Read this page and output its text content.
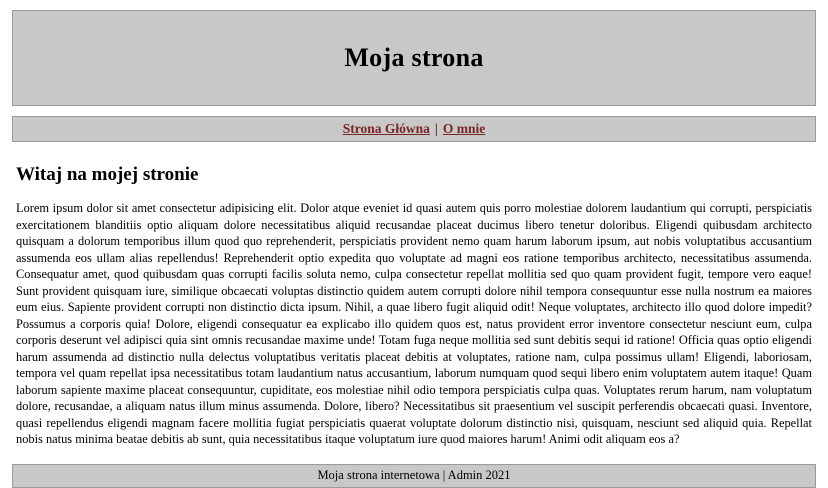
Moja strona
Strona Główna | O mnie
Witaj na mojej stronie

Lorem ipsum dolor sit amet consectetur adipisicing elit. Dolor atque eveniet id quasi autem quis porro molestiae dolorem laudantium qui corrupti, perspiciatis exercitationem blanditiis optio aliquam dolore necessitatibus aliquid recusandae placeat ducimus libero tenetur doloribus. Eligendi quibusdam architecto quisquam a dolorum temporibus illum quod quo reprehenderit, perspiciatis provident nemo quam harum laborum ipsum, aut nobis voluptatibus accusantium assumenda eos ullam alias repellendus! Reprehenderit optio expedita quo voluptate ad magni eos ratione temporibus architecto, necessitatibus assumenda. Consequatur amet, quod quibusdam quas corrupti facilis soluta nemo, culpa consectetur repellat mollitia sed quo quam provident fugit, tempore vero eaque! Sunt provident quisquam iure, similique obcaecati voluptas distinctio quidem autem corrupti dolore nihil tempora consequuntur esse nulla nostrum ea maiores eum eius. Sapiente provident corrupti non distinctio dicta ipsum. Nihil, a quae libero fugit aliquid odit! Neque voluptates, architecto illo quod dolore impedit? Possumus a corporis quia! Dolore, eligendi consequatur ea explicabo illo quidem quos est, natus provident error inventore consectetur nesciunt eum, culpa corporis deserunt vel adipisci quia sint omnis recusandae maxime unde! Totam fuga neque mollitia sed sunt debitis sequi id ratione! Officia quas optio eligendi harum assumenda ad distinctio nulla delectus voluptatibus veritatis placeat debitis at voluptates, ratione nam, culpa possimus ullam! Eligendi, laboriosam, tempora vel quam repellat ipsa necessitatibus totam laudantium natus accusantium, laborum numquam quod sequi libero enim voluptatem autem itaque! Quam laborum sapiente maxime placeat consequuntur, cupiditate, eos molestiae nihil odio tempora perspiciatis culpa quas. Voluptates rerum harum, nam voluptatum dolore, recusandae, a aliquam natus illum minus assumenda. Dolore, libero? Necessitatibus sit praesentium vel suscipit perferendis obcaecati quasi. Inventore, quasi repellendus eligendi magnam facere mollitia fugiat perspiciatis quaerat voluptate dolorum distinctio nisi, quisquam, nesciunt sed aliquid quia. Repellat nobis natus minima beatae debitis ab sunt, quia necessitatibus itaque voluptatum iure quod maiores harum! Animi odit aliquam eos a?

Moja strona internetowa | Admin 2021
